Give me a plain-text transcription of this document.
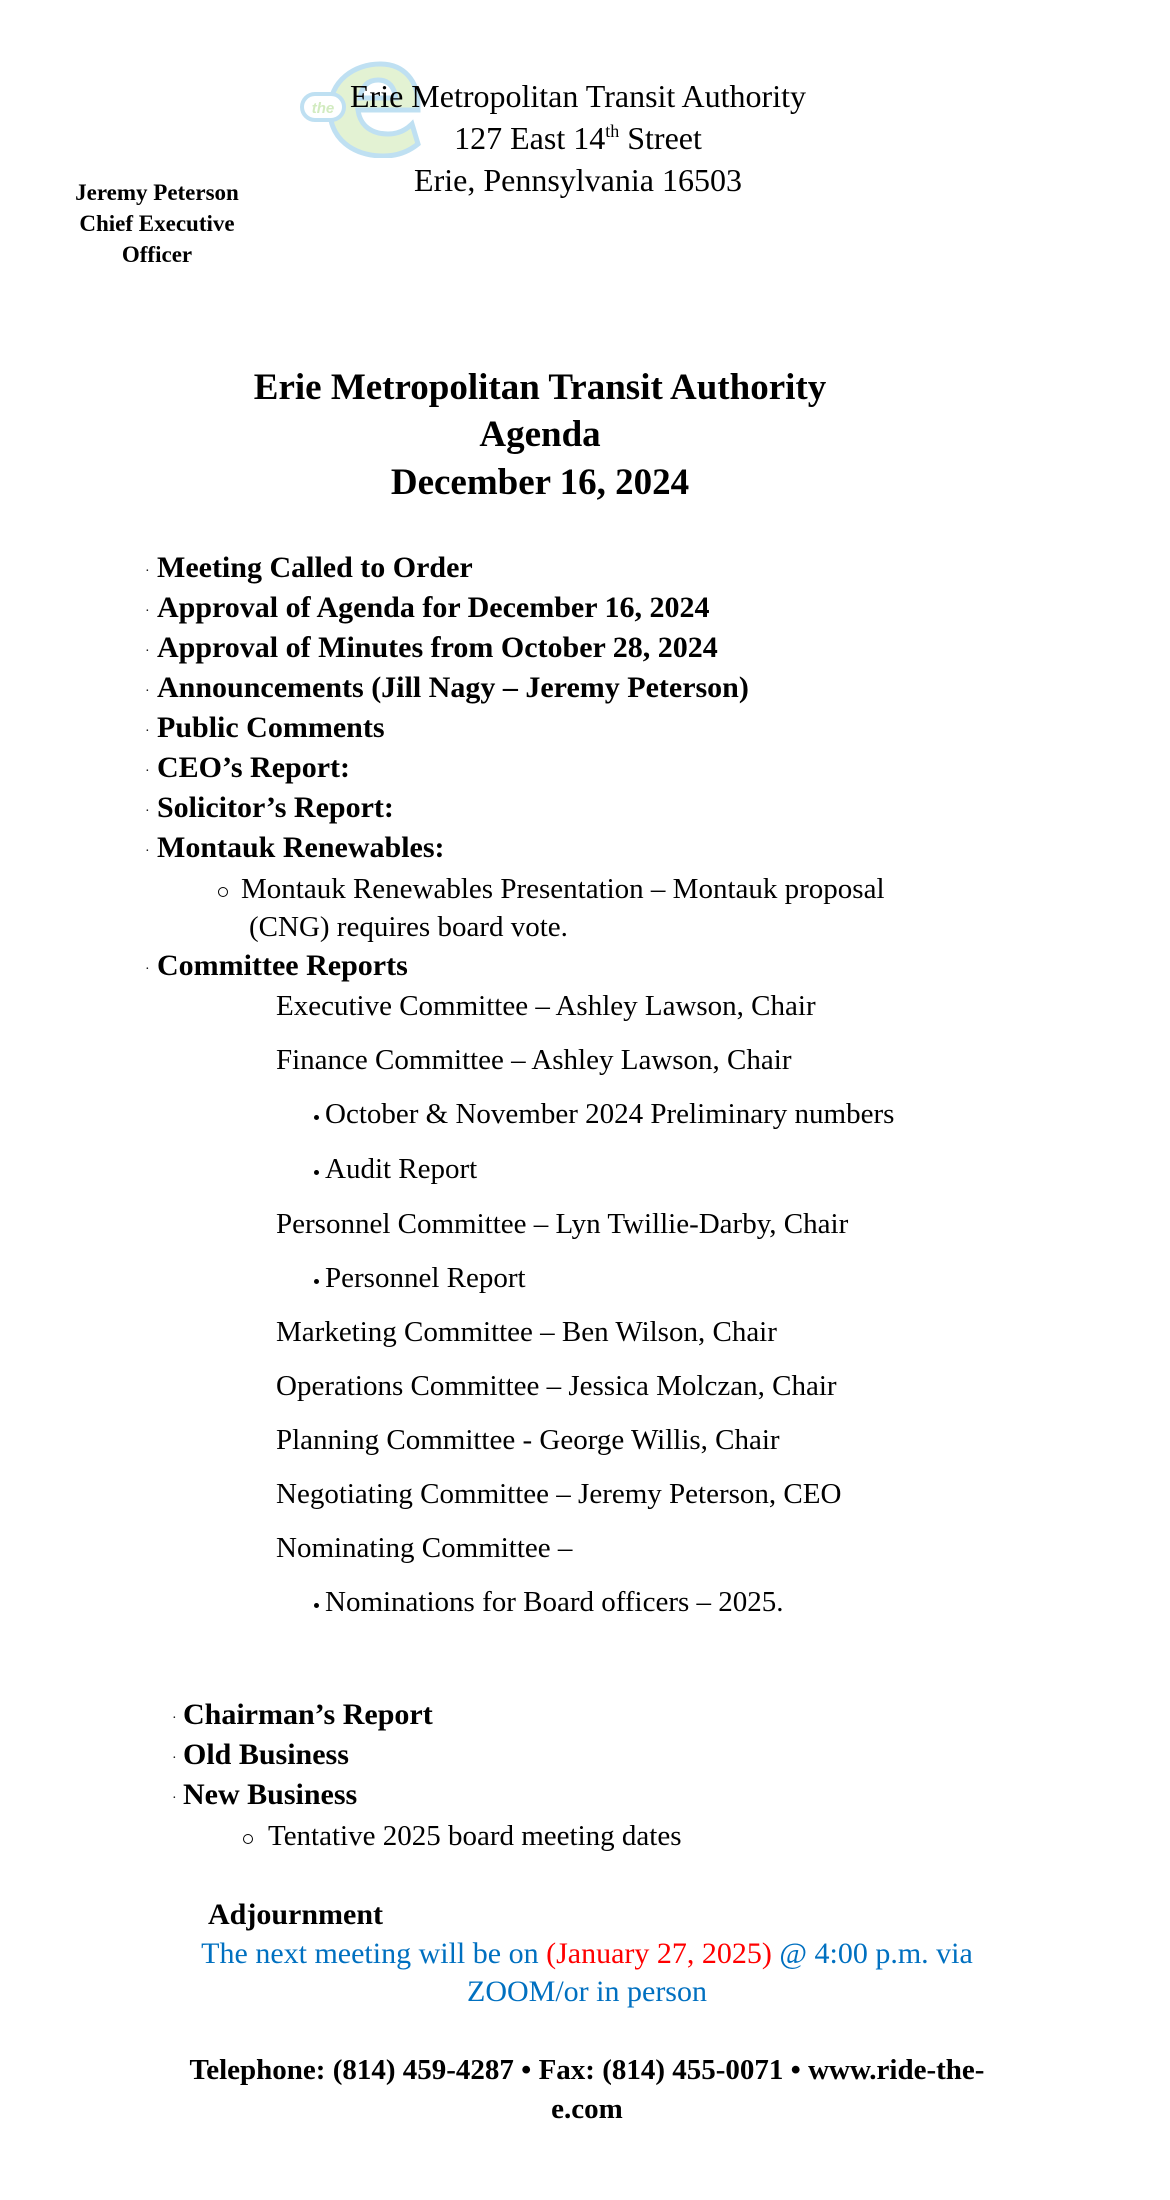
the Erie Metropolitan Transit Authority
127 East 14th Street
Erie, Pennsylvania 16503
Jeremy Peterson
Chief Executive
Officer
Erie Metropolitan Transit Authority
Agenda
December 16, 2024
· Meeting Called to Order
· Approval of Agenda for December 16, 2024
· Approval of Minutes from October 28, 2024
· Announcements (Jill Nagy – Jeremy Peterson)
· Public Comments
· CEO’s Report:
· Solicitor’s Report:
· Montauk Renewables:
Montauk Renewables Presentation – Montauk proposal
(CNG) requires board vote.
· Committee Reports
Executive Committee – Ashley Lawson, Chair
Finance Committee – Ashley Lawson, Chair
October & November 2024 Preliminary numbers
Audit Report
Personnel Committee – Lyn Twillie-Darby, Chair
Personnel Report
Marketing Committee – Ben Wilson, Chair
Operations Committee – Jessica Molczan, Chair
Planning Committee - George Willis, Chair
Negotiating Committee – Jeremy Peterson, CEO
Nominating Committee –
Nominations for Board officers – 2025.
· Chairman’s Report
· Old Business
· New Business
Tentative 2025 board meeting dates
Adjournment
The next meeting will be on (January 27, 2025) @ 4:00 p.m. via
ZOOM/or in person
Telephone: (814) 459-4287 • Fax: (814) 455-0071 • www.ride-the-
e.com
